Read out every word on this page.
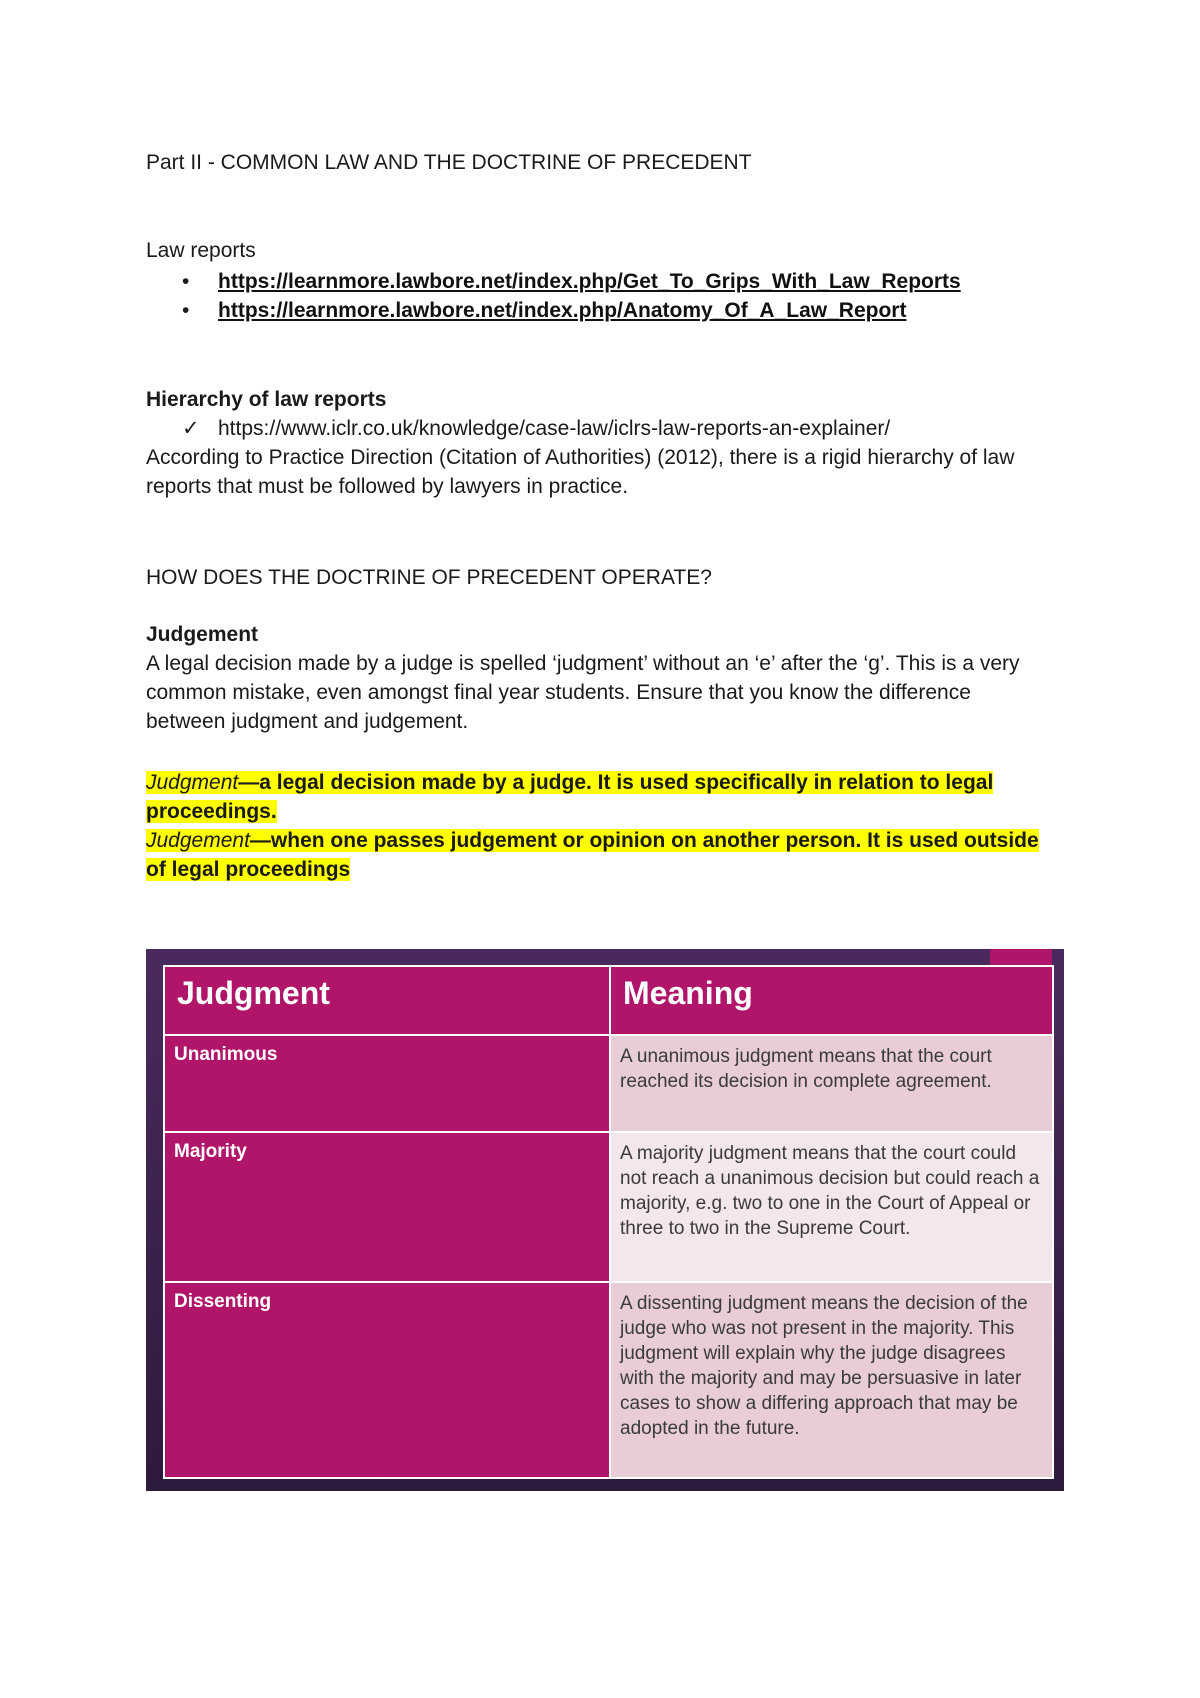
Part II - COMMON LAW AND THE DOCTRINE OF PRECEDENT
Law reports
• https://learnmore.lawbore.net/index.php/Get_To_Grips_With_Law_Reports
• https://learnmore.lawbore.net/index.php/Anatomy_Of_A_Law_Report
Hierarchy of law reports
✓ https://www.iclr.co.uk/knowledge/case-law/iclrs-law-reports-an-explainer/
According to Practice Direction (Citation of Authorities) (2012), there is a rigid hierarchy of law reports that must be followed by lawyers in practice.
HOW DOES THE DOCTRINE OF PRECEDENT OPERATE?
Judgement
A legal decision made by a judge is spelled ‘judgment’ without an ‘e’ after the ‘g’. This is a very common mistake, even amongst final year students. Ensure that you know the difference between judgment and judgement.
Judgment—a legal decision made by a judge. It is used specifically in relation to legal proceedings.
Judgement—when one passes judgement or opinion on another person. It is used outside of legal proceedings
Judgment	Meaning
Unanimous	A unanimous judgment means that the court reached its decision in complete agreement.
Majority	A majority judgment means that the court could not reach a unanimous decision but could reach a majority, e.g. two to one in the Court of Appeal or three to two in the Supreme Court.
Dissenting	A dissenting judgment means the decision of the judge who was not present in the majority. This judgment will explain why the judge disagrees with the majority and may be persuasive in later cases to show a differing approach that may be adopted in the future.
